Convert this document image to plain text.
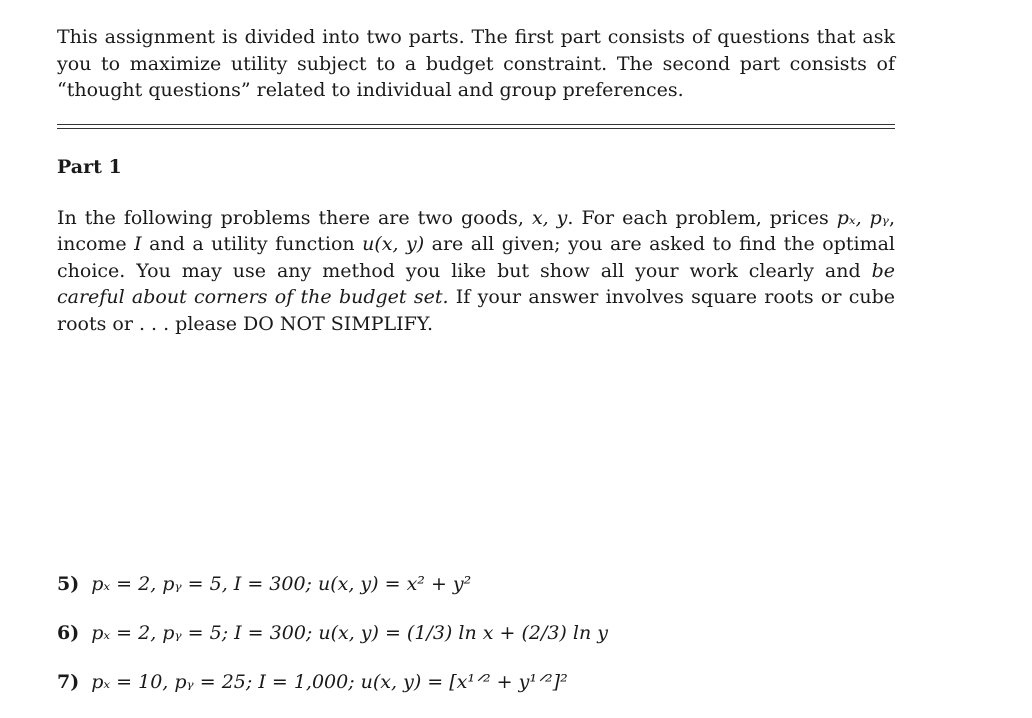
This assignment is divided into two parts. The first part consists of questions that ask you to maximize utility subject to a budget constraint. The second part consists of “thought questions” related to individual and group preferences.

Part 1

In the following problems there are two goods, x, y. For each problem, prices pₓ, pᵧ, income I and a utility function u(x, y) are all given; you are asked to find the optimal choice. You may use any method you like but show all your work clearly and be careful about corners of the budget set. If your answer involves square roots or cube roots or . . . please DO NOT SIMPLIFY.

5) pₓ = 2, pᵧ = 5, I = 300; u(x, y) = x² + y²
6) pₓ = 2, pᵧ = 5; I = 300; u(x, y) = (1/3) ln x + (2/3) ln y
7) pₓ = 10, pᵧ = 25; I = 1,000; u(x, y) = [x¹ᐟ² + y¹ᐟ²]²
